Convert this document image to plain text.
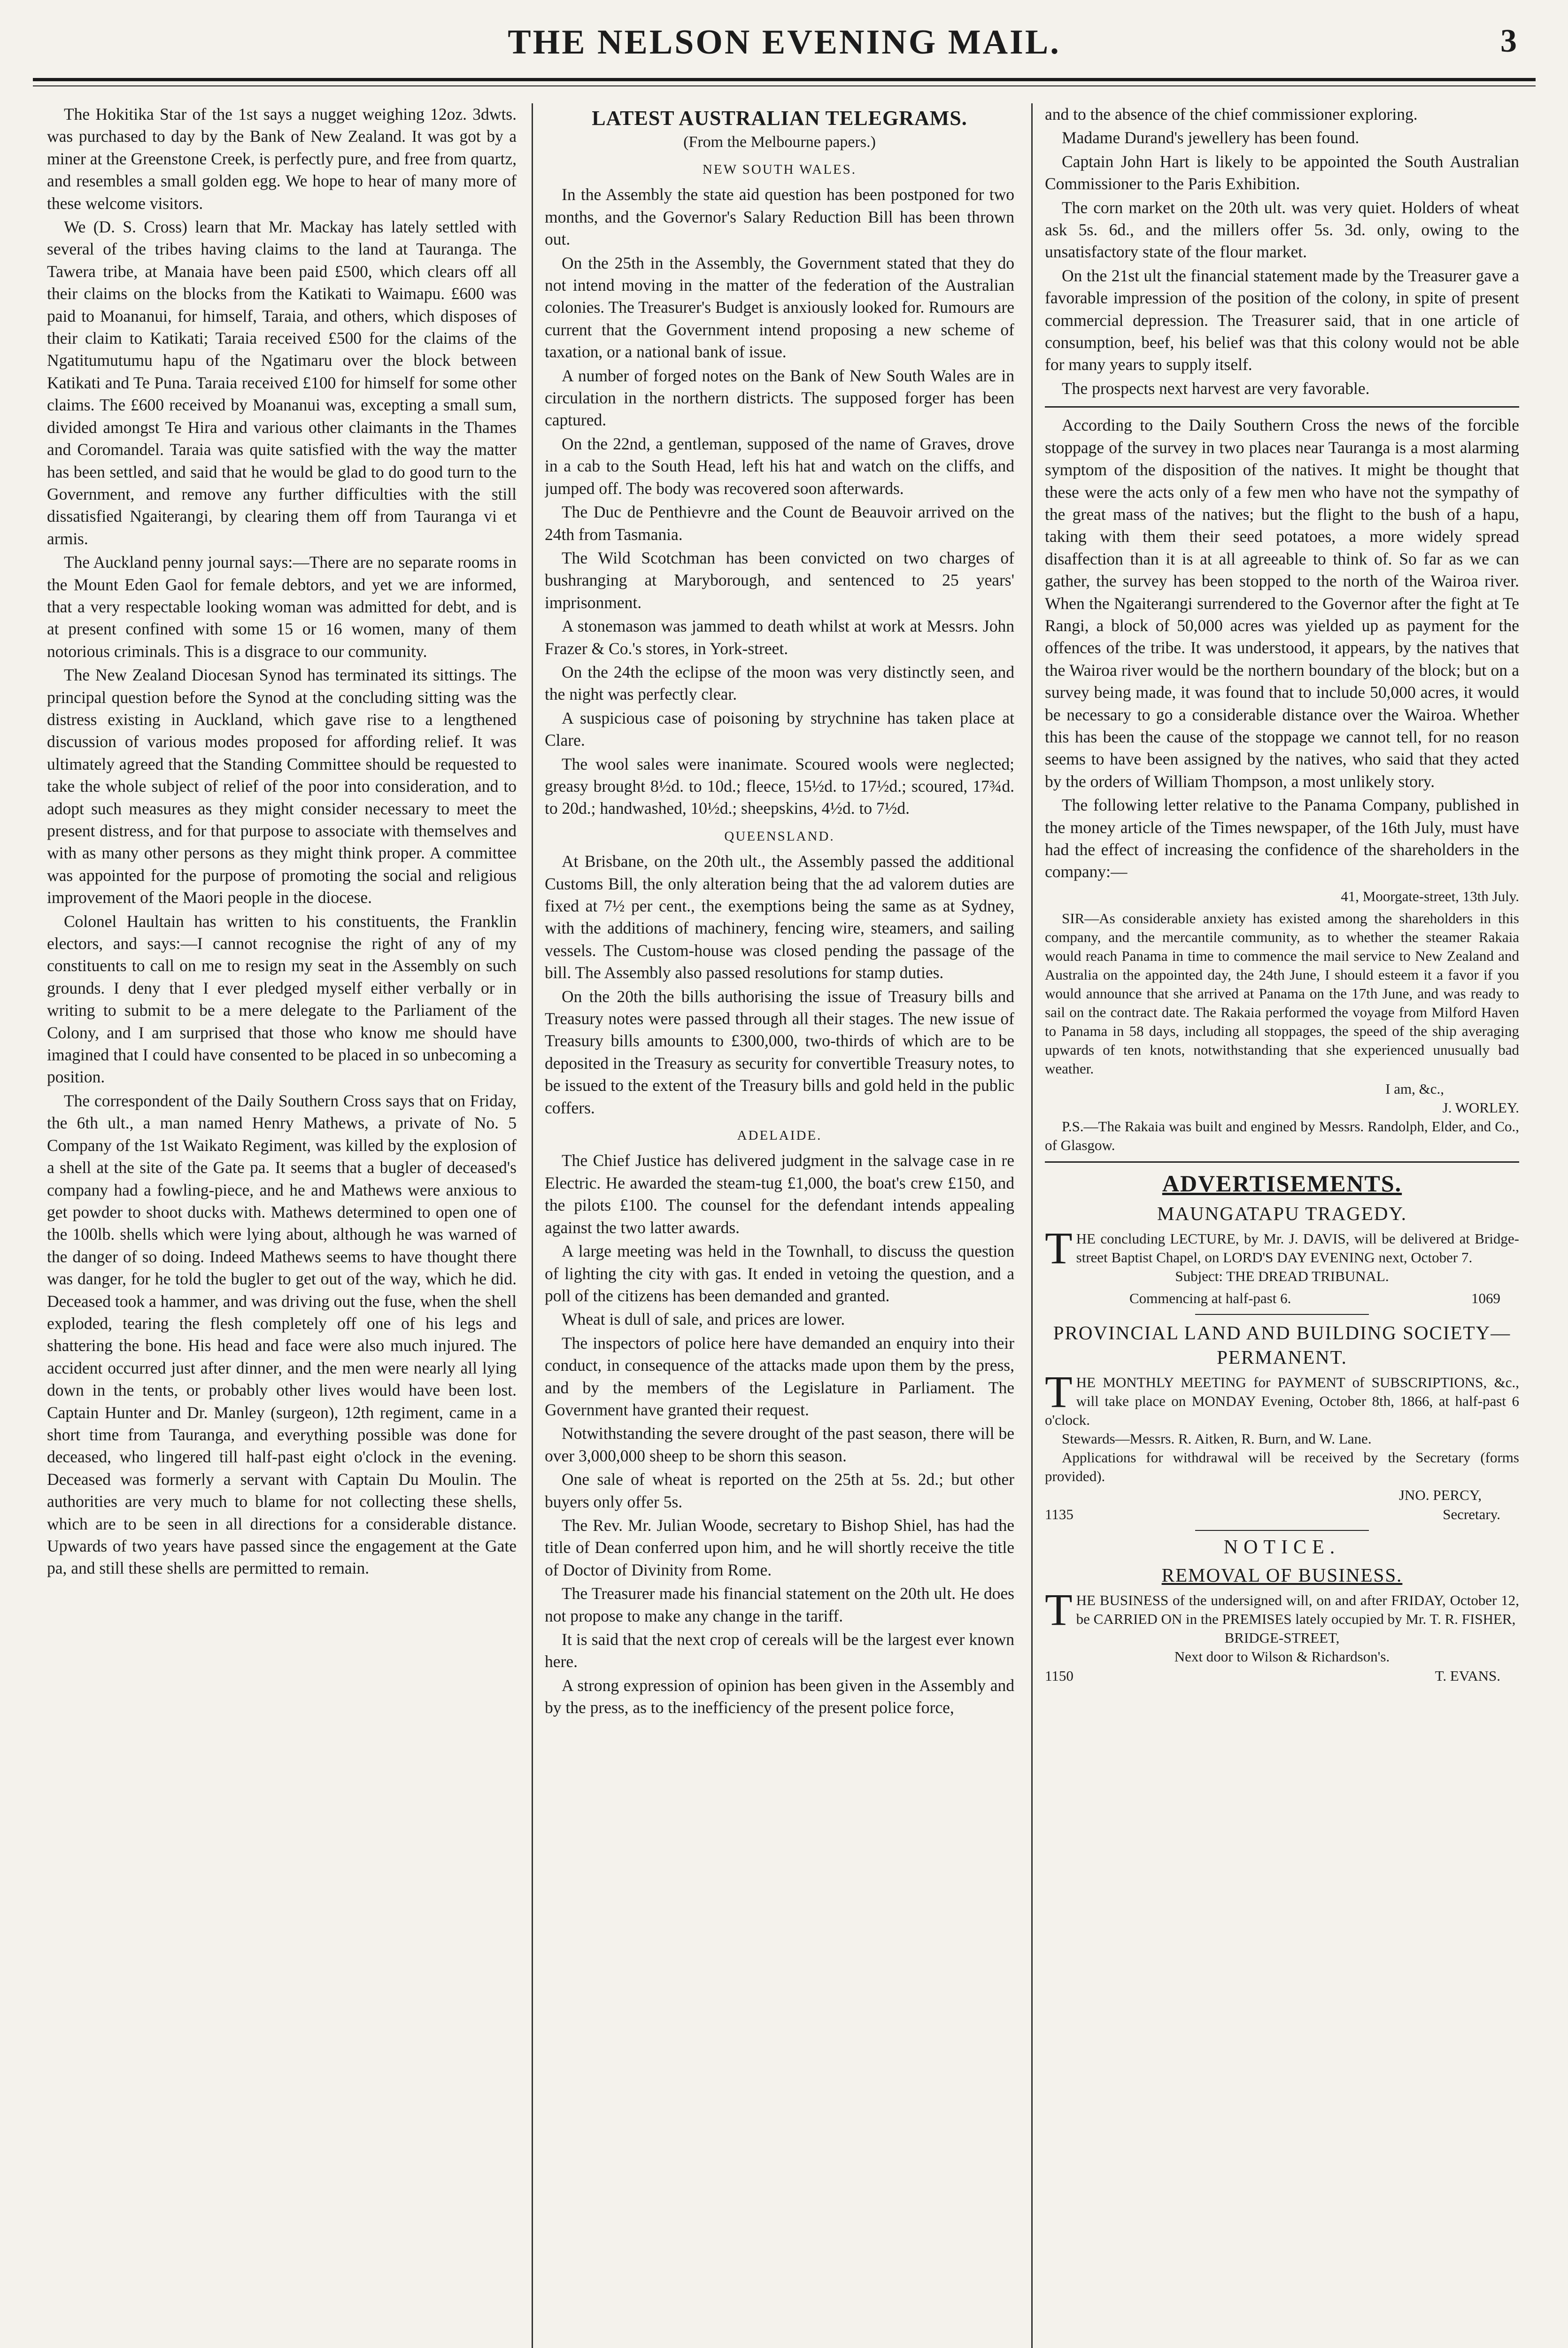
THE NELSON EVENING MAIL.	3

The Hokitika Star of the 1st says a nugget weighing 12oz. 3dwts. was purchased to day by the Bank of New Zealand. It was got by a miner at the Greenstone Creek, is perfectly pure, and free from quartz, and resembles a small golden egg. We hope to hear of many more of these welcome visitors.

We (D. S. Cross) learn that Mr. Mackay has lately settled with several of the tribes having claims to the land at Tauranga. The Tawera tribe, at Manaia have been paid £500, which clears off all their claims on the blocks from the Katikati to Waimapu. £600 was paid to Moananui, for himself, Taraia, and others, which disposes of their claim to Katikati; Taraia received £500 for the claims of the Ngatitumutumu hapu of the Ngatimaru over the block between Katikati and Te Puna. Taraia received £100 for himself for some other claims. The £600 received by Moananui was, excepting a small sum, divided amongst Te Hira and various other claimants in the Thames and Coromandel. Taraia was quite satisfied with the way the matter has been settled, and said that he would be glad to do good turn to the Government, and remove any further difficulties with the still dissatisfied Ngaiterangi, by clearing them off from Tauranga vi et armis.

The Auckland penny journal says:—There are no separate rooms in the Mount Eden Gaol for female debtors, and yet we are informed, that a very respectable looking woman was admitted for debt, and is at present confined with some 15 or 16 women, many of them notorious criminals. This is a disgrace to our community.

The New Zealand Diocesan Synod has terminated its sittings. The principal question before the Synod at the concluding sitting was the distress existing in Auckland, which gave rise to a lengthened discussion of various modes proposed for affording relief. It was ultimately agreed that the Standing Committee should be requested to take the whole subject of relief of the poor into consideration, and to adopt such measures as they might consider necessary to meet the present distress, and for that purpose to associate with themselves and with as many other persons as they might think proper. A committee was appointed for the purpose of promoting the social and religious improvement of the Maori people in the diocese.

Colonel Haultain has written to his constituents, the Franklin electors, and says:—I cannot recognise the right of any of my constituents to call on me to resign my seat in the Assembly on such grounds. I deny that I ever pledged myself either verbally or in writing to submit to be a mere delegate to the Parliament of the Colony, and I am surprised that those who know me should have imagined that I could have consented to be placed in so unbecoming a position.

The correspondent of the Daily Southern Cross says that on Friday, the 6th ult., a man named Henry Mathews, a private of No. 5 Company of the 1st Waikato Regiment, was killed by the explosion of a shell at the site of the Gate pa. It seems that a bugler of deceased's company had a fowling-piece, and he and Mathews were anxious to get powder to shoot ducks with. Mathews determined to open one of the 100lb. shells which were lying about, although he was warned of the danger of so doing. Indeed Mathews seems to have thought there was danger, for he told the bugler to get out of the way, which he did. Deceased took a hammer, and was driving out the fuse, when the shell exploded, tearing the flesh completely off one of his legs and shattering the bone. His head and face were also much injured. The accident occurred just after dinner, and the men were nearly all lying down in the tents, or probably other lives would have been lost. Captain Hunter and Dr. Manley (surgeon), 12th regiment, came in a short time from Tauranga, and everything possible was done for deceased, who lingered till half-past eight o'clock in the evening. Deceased was formerly a servant with Captain Du Moulin. The authorities are very much to blame for not collecting these shells, which are to be seen in all directions for a considerable distance. Upwards of two years have passed since the engagement at the Gate pa, and still these shells are permitted to remain.

LATEST AUSTRALIAN TELEGRAMS.
(From the Melbourne papers.)
NEW SOUTH WALES.

In the Assembly the state aid question has been postponed for two months, and the Governor's Salary Reduction Bill has been thrown out.

On the 25th in the Assembly, the Government stated that they do not intend moving in the matter of the federation of the Australian colonies. The Treasurer's Budget is anxiously looked for. Rumours are current that the Government intend proposing a new scheme of taxation, or a national bank of issue.

A number of forged notes on the Bank of New South Wales are in circulation in the northern districts. The supposed forger has been captured.

On the 22nd, a gentleman, supposed of the name of Graves, drove in a cab to the South Head, left his hat and watch on the cliffs, and jumped off. The body was recovered soon afterwards.

The Duc de Penthievre and the Count de Beauvoir arrived on the 24th from Tasmania.

The Wild Scotchman has been convicted on two charges of bushranging at Maryborough, and sentenced to 25 years' imprisonment.

A stonemason was jammed to death whilst at work at Messrs. John Frazer & Co.'s stores, in York-street.

On the 24th the eclipse of the moon was very distinctly seen, and the night was perfectly clear.

A suspicious case of poisoning by strychnine has taken place at Clare.

The wool sales were inanimate. Scoured wools were neglected; greasy brought 8½d. to 10d.; fleece, 15½d. to 17½d.; scoured, 17¾d. to 20d.; handwashed, 10½d.; sheepskins, 4½d. to 7½d.

QUEENSLAND.

At Brisbane, on the 20th ult., the Assembly passed the additional Customs Bill, the only alteration being that the ad valorem duties are fixed at 7½ per cent., the exemptions being the same as at Sydney, with the additions of machinery, fencing wire, steamers, and sailing vessels. The Custom-house was closed pending the passage of the bill. The Assembly also passed resolutions for stamp duties.

On the 20th the bills authorising the issue of Treasury bills and Treasury notes were passed through all their stages. The new issue of Treasury bills amounts to £300,000, two-thirds of which are to be deposited in the Treasury as security for convertible Treasury notes, to be issued to the extent of the Treasury bills and gold held in the public coffers.

ADELAIDE.

The Chief Justice has delivered judgment in the salvage case in re Electric. He awarded the steam-tug £1,000, the boat's crew £150, and the pilots £100. The counsel for the defendant intends appealing against the two latter awards.

A large meeting was held in the Townhall, to discuss the question of lighting the city with gas. It ended in vetoing the question, and a poll of the citizens has been demanded and granted.

Wheat is dull of sale, and prices are lower.

The inspectors of police here have demanded an enquiry into their conduct, in consequence of the attacks made upon them by the press, and by the members of the Legislature in Parliament. The Government have granted their request.

Notwithstanding the severe drought of the past season, there will be over 3,000,000 sheep to be shorn this season.

One sale of wheat is reported on the 25th at 5s. 2d.; but other buyers only offer 5s.

The Rev. Mr. Julian Woode, secretary to Bishop Shiel, has had the title of Dean conferred upon him, and he will shortly receive the title of Doctor of Divinity from Rome.

The Treasurer made his financial statement on the 20th ult. He does not propose to make any change in the tariff.

It is said that the next crop of cereals will be the largest ever known here.

A strong expression of opinion has been given in the Assembly and by the press, as to the inefficiency of the present police force,

and to the absence of the chief commissioner exploring.

Madame Durand's jewellery has been found.

Captain John Hart is likely to be appointed the South Australian Commissioner to the Paris Exhibition.

The corn market on the 20th ult. was very quiet. Holders of wheat ask 5s. 6d., and the millers offer 5s. 3d. only, owing to the unsatisfactory state of the flour market.

On the 21st ult the financial statement made by the Treasurer gave a favorable impression of the position of the colony, in spite of present commercial depression. The Treasurer said, that in one article of consumption, beef, his belief was that this colony would not be able for many years to supply itself.

The prospects next harvest are very favorable.

According to the Daily Southern Cross the news of the forcible stoppage of the survey in two places near Tauranga is a most alarming symptom of the disposition of the natives. It might be thought that these were the acts only of a few men who have not the sympathy of the great mass of the natives; but the flight to the bush of a hapu, taking with them their seed potatoes, a more widely spread disaffection than it is at all agreeable to think of. So far as we can gather, the survey has been stopped to the north of the Wairoa river. When the Ngaiterangi surrendered to the Governor after the fight at Te Rangi, a block of 50,000 acres was yielded up as payment for the offences of the tribe. It was understood, it appears, by the natives that the Wairoa river would be the northern boundary of the block; but on a survey being made, it was found that to include 50,000 acres, it would be necessary to go a considerable distance over the Wairoa. Whether this has been the cause of the stoppage we cannot tell, for no reason seems to have been assigned by the natives, who said that they acted by the orders of William Thompson, a most unlikely story.

The following letter relative to the Panama Company, published in the money article of the Times newspaper, of the 16th July, must have had the effect of increasing the confidence of the shareholders in the company:—

41, Moorgate-street, 13th July.

SIR—As considerable anxiety has existed among the shareholders in this company, and the mercantile community, as to whether the steamer Rakaia would reach Panama in time to commence the mail service to New Zealand and Australia on the appointed day, the 24th June, I should esteem it a favor if you would announce that she arrived at Panama on the 17th June, and was ready to sail on the contract date. The Rakaia performed the voyage from Milford Haven to Panama in 58 days, including all stoppages, the speed of the ship averaging upwards of ten knots, notwithstanding that she experienced unusually bad weather.

I am, &c.,
J. WORLEY.

P.S.—The Rakaia was built and engined by Messrs. Randolph, Elder, and Co., of Glasgow.

ADVERTISEMENTS.
MAUNGATAPU TRAGEDY.
THE concluding LECTURE, by Mr. J. DAVIS, will be delivered at Bridge-street Baptist Chapel, on LORD'S DAY EVENING next, October 7.
Subject: THE DREAD TRIBUNAL.
Commencing at half-past 6.	1069
PROVINCIAL LAND AND BUILDING SOCIETY—PERMANENT.
THE MONTHLY MEETING for PAYMENT of SUBSCRIPTIONS, &c., will take place on MONDAY Evening, October 8th, 1866, at half-past 6 o'clock.
Stewards—Messrs. R. Aitken, R. Burn, and W. Lane.
Applications for withdrawal will be received by the Secretary (forms provided).
JNO. PERCY,
1135	Secretary.
NOTICE.
REMOVAL OF BUSINESS.
THE BUSINESS of the undersigned will, on and after FRIDAY, October 12, be CARRIED ON in the PREMISES lately occupied by Mr. T. R. FISHER,
BRIDGE-STREET,
Next door to Wilson & Richardson's.
1150	T. EVANS.
